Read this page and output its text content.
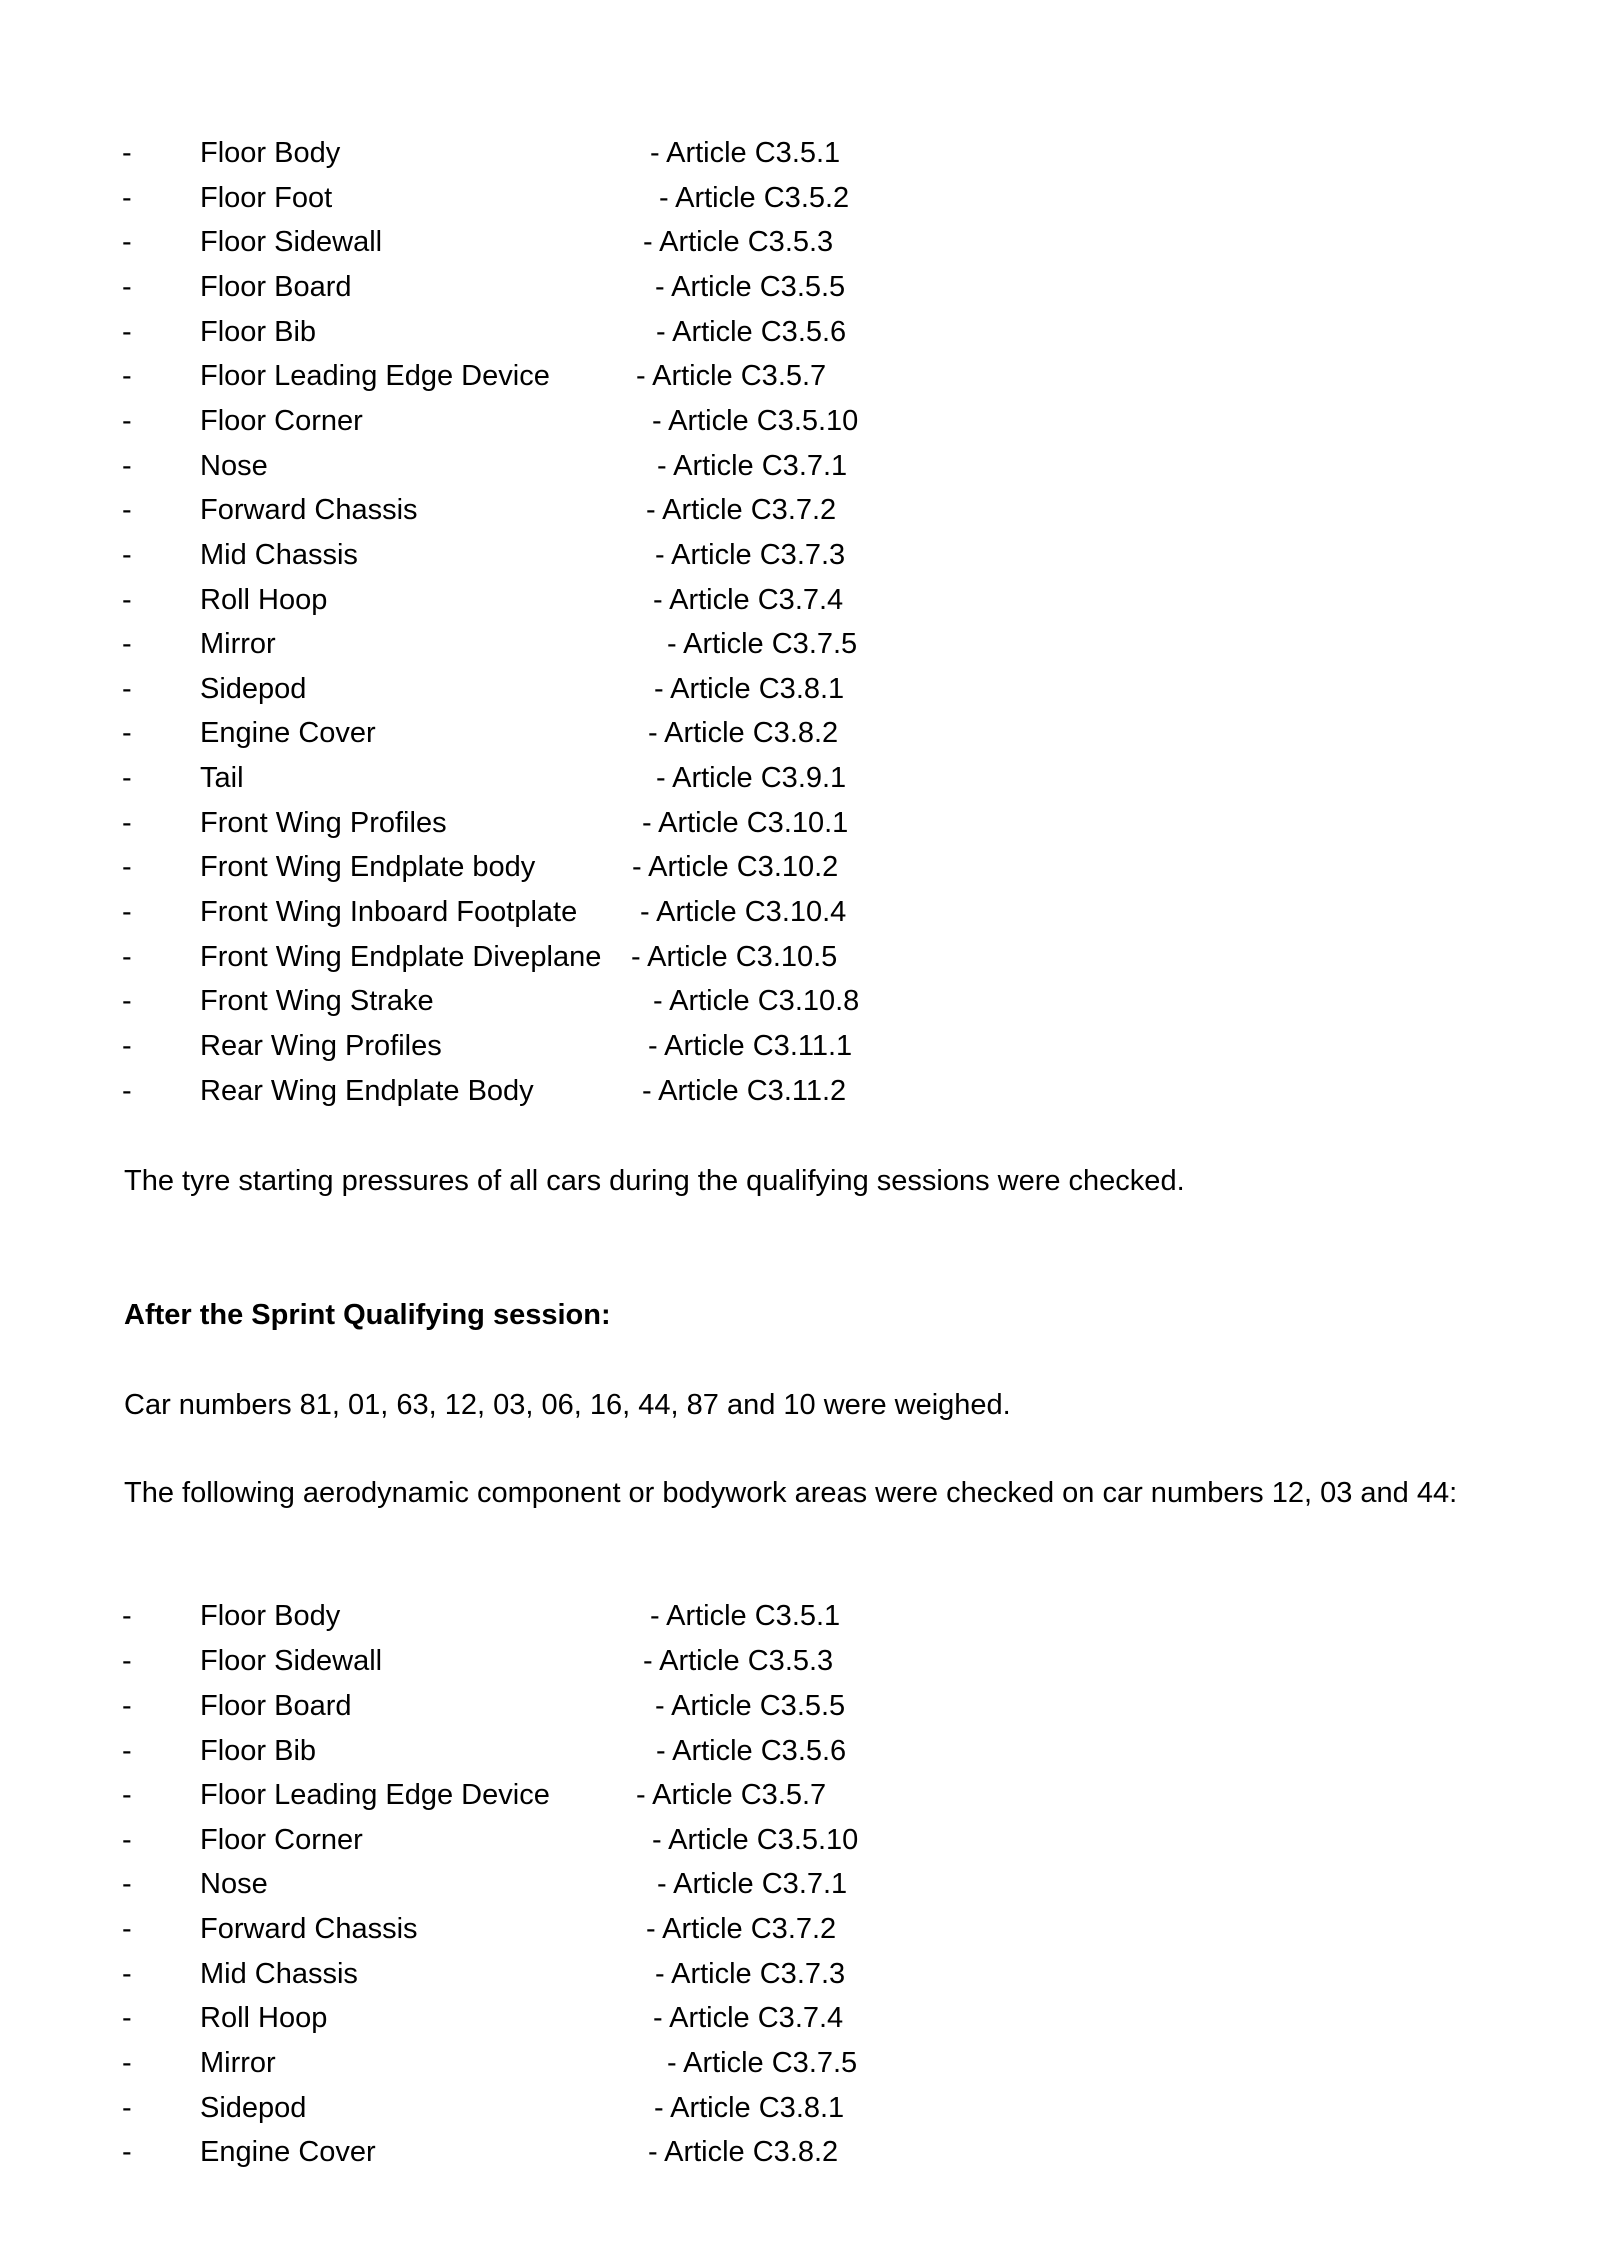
- Floor Body	- Article C3.5.1
- Floor Foot	- Article C3.5.2
- Floor Sidewall	- Article C3.5.3
- Floor Board	- Article C3.5.5
- Floor Bib	- Article C3.5.6
- Floor Leading Edge Device	- Article C3.5.7
- Floor Corner	- Article C3.5.10
- Nose	- Article C3.7.1
- Forward Chassis	- Article C3.7.2
- Mid Chassis	- Article C3.7.3
- Roll Hoop	- Article C3.7.4
- Mirror	- Article C3.7.5
- Sidepod	- Article C3.8.1
- Engine Cover	- Article C3.8.2
- Tail	- Article C3.9.1
- Front Wing Profiles	- Article C3.10.1
- Front Wing Endplate body	- Article C3.10.2
- Front Wing Inboard Footplate - Article C3.10.4
- Front Wing Endplate Diveplane - Article C3.10.5
- Front Wing Strake	- Article C3.10.8
- Rear Wing Profiles	- Article C3.11.1
- Rear Wing Endplate Body	- Article C3.11.2
The tyre starting pressures of all cars during the qualifying sessions were checked.
After the Sprint Qualifying session:
Car numbers 81, 01, 63, 12, 03, 06, 16, 44, 87 and 10 were weighed.
The following aerodynamic component or bodywork areas were checked on car numbers 12, 03 and 44:
- Floor Body	- Article C3.5.1
- Floor Sidewall	- Article C3.5.3
- Floor Board	- Article C3.5.5
- Floor Bib	- Article C3.5.6
- Floor Leading Edge Device	- Article C3.5.7
- Floor Corner	- Article C3.5.10
- Nose	- Article C3.7.1
- Forward Chassis	- Article C3.7.2
- Mid Chassis	- Article C3.7.3
- Roll Hoop	- Article C3.7.4
- Mirror	- Article C3.7.5
- Sidepod	- Article C3.8.1
- Engine Cover	- Article C3.8.2
